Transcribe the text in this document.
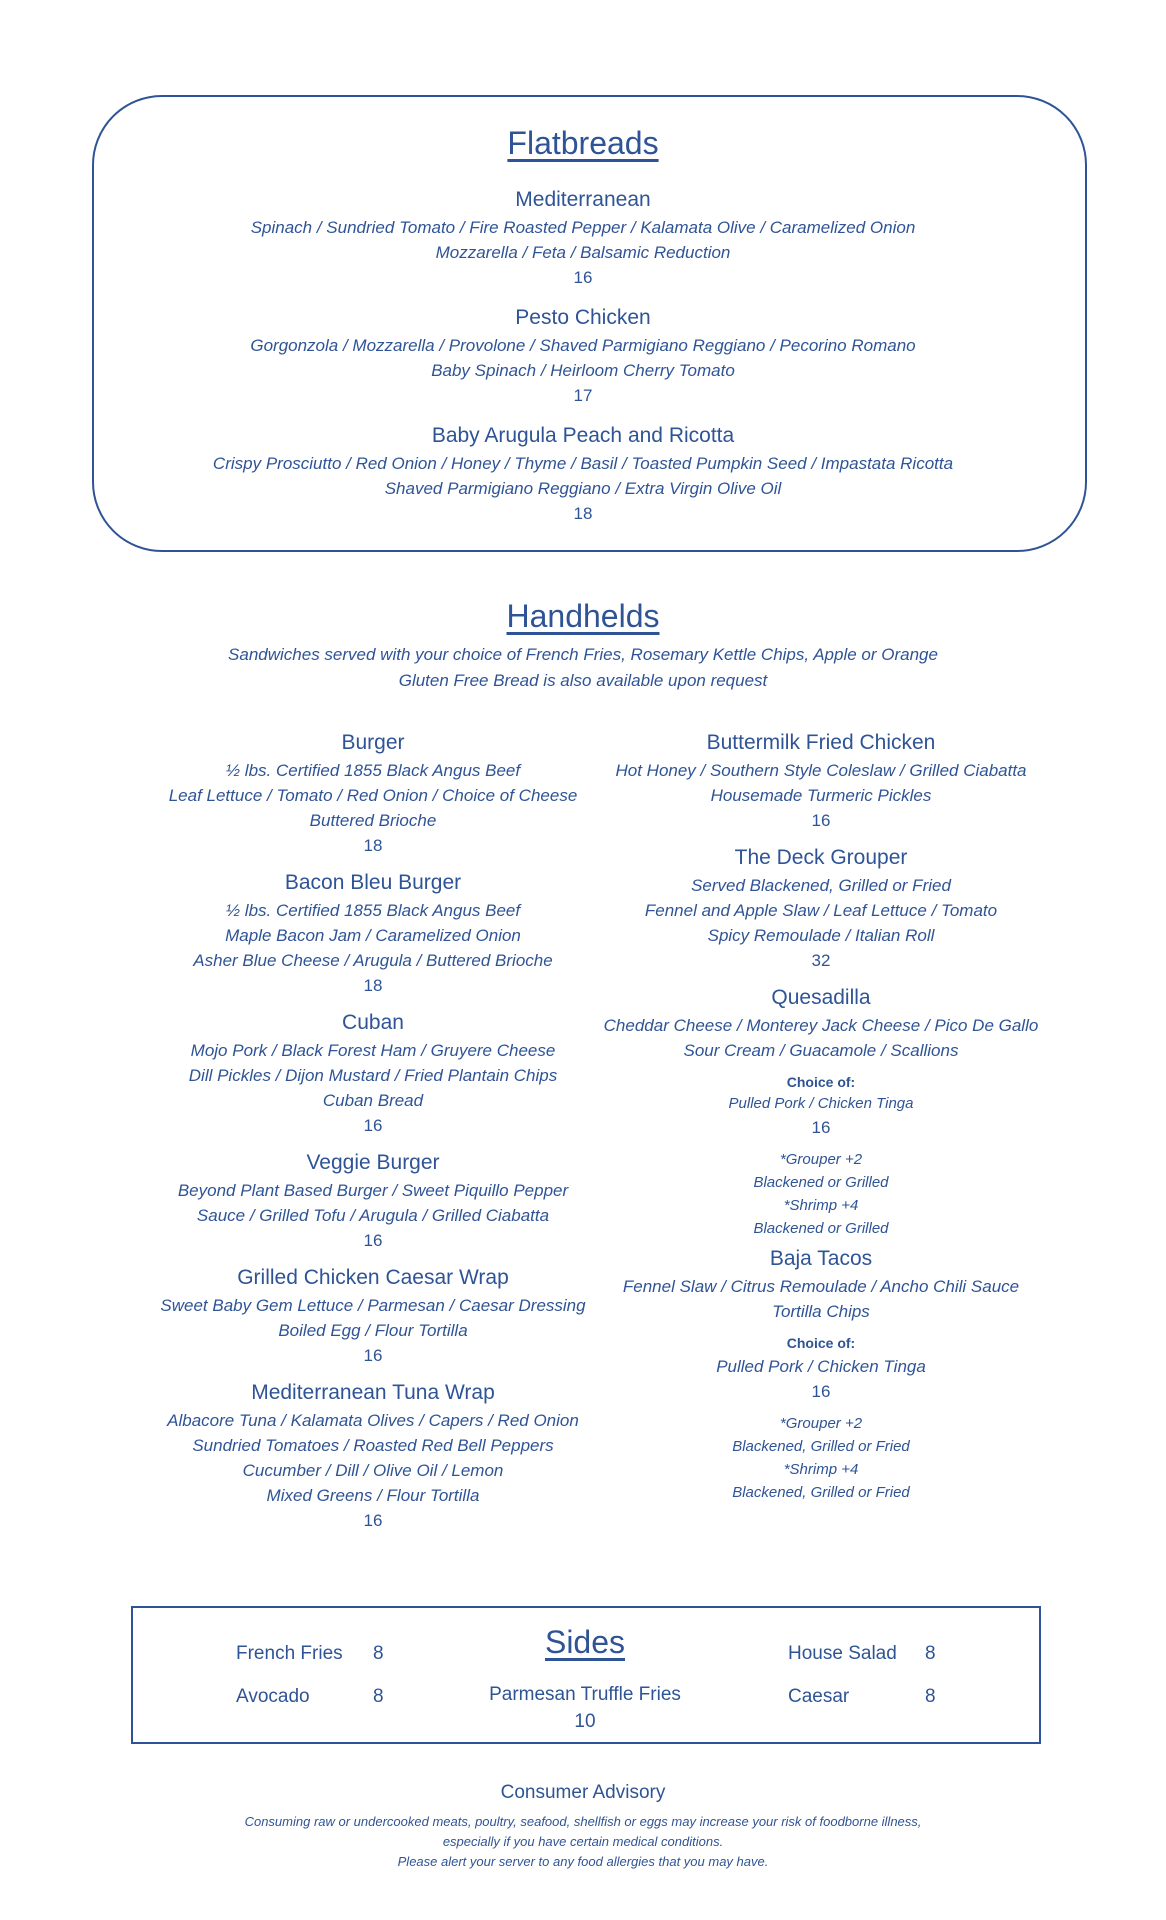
Flatbreads
Mediterranean
Spinach / Sundried Tomato / Fire Roasted Pepper / Kalamata Olive / Caramelized Onion
Mozzarella / Feta / Balsamic Reduction
16
Pesto Chicken
Gorgonzola / Mozzarella / Provolone / Shaved Parmigiano Reggiano / Pecorino Romano
Baby Spinach / Heirloom Cherry Tomato
17
Baby Arugula Peach and Ricotta
Crispy Prosciutto / Red Onion / Honey / Thyme / Basil / Toasted Pumpkin Seed / Impastata Ricotta
Shaved Parmigiano Reggiano / Extra Virgin Olive Oil
18
Handhelds
Sandwiches served with your choice of French Fries, Rosemary Kettle Chips, Apple or Orange
Gluten Free Bread is also available upon request
Burger
½ lbs. Certified 1855 Black Angus Beef
Leaf Lettuce / Tomato / Red Onion / Choice of Cheese
Buttered Brioche
18
Bacon Bleu Burger
½ lbs. Certified 1855 Black Angus Beef
Maple Bacon Jam / Caramelized Onion
Asher Blue Cheese / Arugula / Buttered Brioche
18
Cuban
Mojo Pork / Black Forest Ham / Gruyere Cheese
Dill Pickles / Dijon Mustard / Fried Plantain Chips
Cuban Bread
16
Veggie Burger
Beyond Plant Based Burger / Sweet Piquillo Pepper
Sauce / Grilled Tofu / Arugula / Grilled Ciabatta
16
Grilled Chicken Caesar Wrap
Sweet Baby Gem Lettuce / Parmesan / Caesar Dressing
Boiled Egg / Flour Tortilla
16
Mediterranean Tuna Wrap
Albacore Tuna / Kalamata Olives / Capers / Red Onion
Sundried Tomatoes / Roasted Red Bell Peppers
Cucumber / Dill / Olive Oil / Lemon
Mixed Greens / Flour Tortilla
16
Buttermilk Fried Chicken
Hot Honey / Southern Style Coleslaw / Grilled Ciabatta
Housemade Turmeric Pickles
16
The Deck Grouper
Served Blackened, Grilled or Fried
Fennel and Apple Slaw / Leaf Lettuce / Tomato
Spicy Remoulade / Italian Roll
32
Quesadilla
Cheddar Cheese / Monterey Jack Cheese / Pico De Gallo
Sour Cream / Guacamole / Scallions
Choice of:
Pulled Pork / Chicken Tinga
16
*Grouper +2
Blackened or Grilled
*Shrimp +4
Blackened or Grilled
Baja Tacos
Fennel Slaw / Citrus Remoulade / Ancho Chili Sauce
Tortilla Chips
Choice of:
Pulled Pork / Chicken Tinga
16
*Grouper +2
Blackened, Grilled or Fried
*Shrimp +4
Blackened, Grilled or Fried
Sides
French Fries 8
Avocado	8	Parmesan Truffle Fries
10
House Salad 8
Caesar	8
Consumer Advisory
Consuming raw or undercooked meats, poultry, seafood, shellfish or eggs may increase your risk of foodborne illness,
especially if you have certain medical conditions.
Please alert your server to any food allergies that you may have.
